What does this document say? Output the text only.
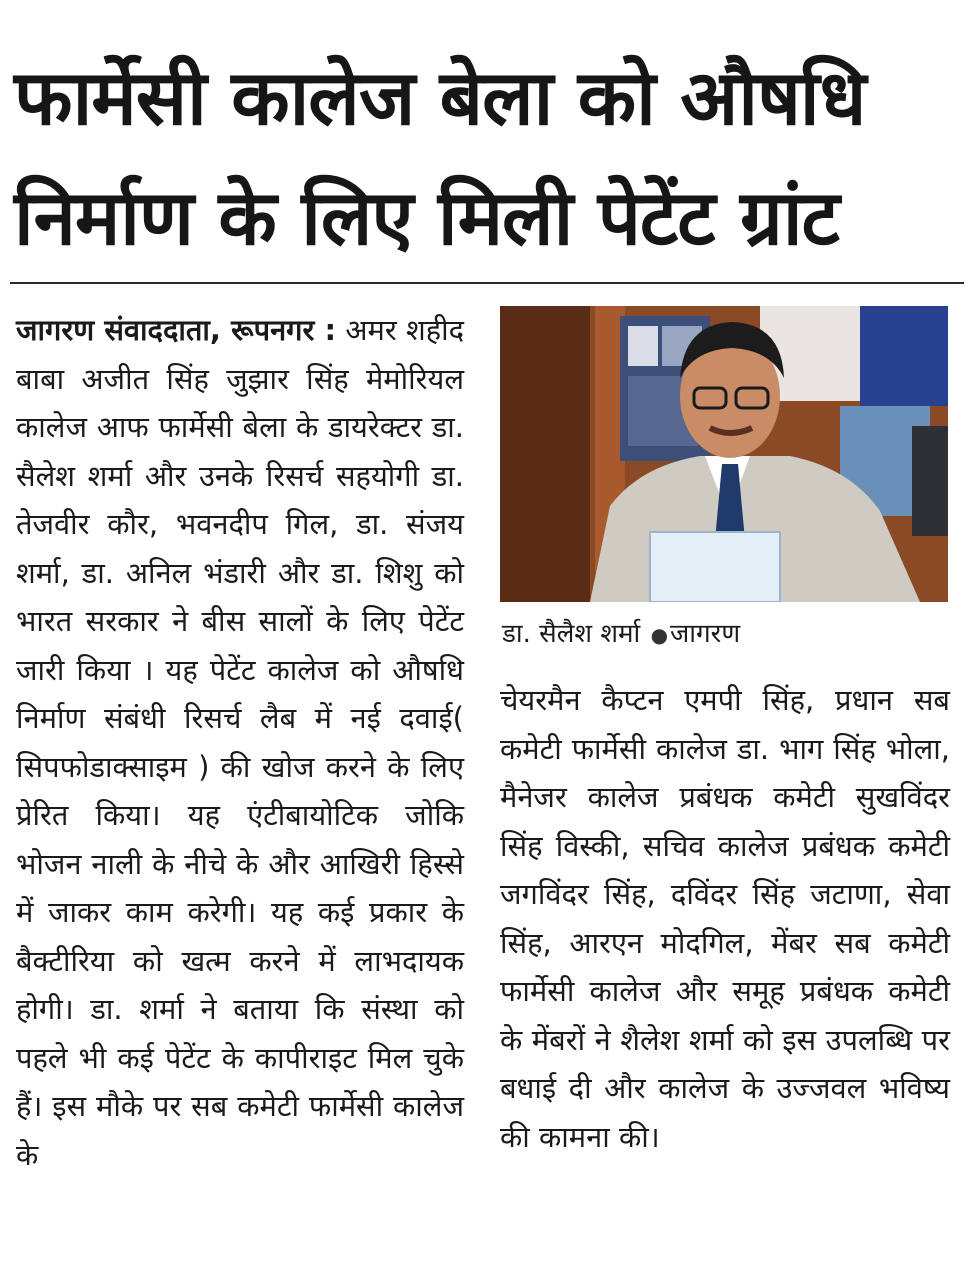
फार्मेसी कालेज बेला को औषधि
निर्माण के लिए मिली पेटेंट ग्रांट

जागरण संवाददाता, रूपनगर : अमर शहीद बाबा अजीत सिंह जुझार सिंह मेमोरियल कालेज आफ फार्मेसी बेला के डायरेक्टर डा. सैलेश शर्मा और उनके रिसर्च सहयोगी डा. तेजवीर कौर, भवनदीप गिल, डा. संजय शर्मा, डा. अनिल भंडारी और डा. शिशु को भारत सरकार ने बीस सालों के लिए पेटेंट जारी किया । यह पेटेंट कालेज को औषधि निर्माण संबंधी रिसर्च लैब में नई दवाई( सिपफोडाक्साइम ) की खोज करने के लिए प्रेरित किया। यह एंटीबायोटिक जोकि भोजन नाली के नीचे के और आखिरी हिस्से में जाकर काम करेगी। यह कई प्रकार के बैक्टीरिया को खत्म करने में लाभदायक होगी। डा. शर्मा ने बताया कि संस्था को पहले भी कई पेटेंट के कापीराइट मिल चुके हैं। इस मौके पर सब कमेटी फार्मेसी कालेज के

डा. सैलैश शर्मा ●जागरण

चेयरमैन कैप्टन एमपी सिंह, प्रधान सब कमेटी फार्मेसी कालेज डा. भाग सिंह भोला, मैनेजर कालेज प्रबंधक कमेटी सुखविंदर सिंह विस्की, सचिव कालेज प्रबंधक कमेटी जगविंदर सिंह, दविंदर सिंह जटाणा, सेवा सिंह, आरएन मोदगिल, मेंबर सब कमेटी फार्मेसी कालेज और समूह प्रबंधक कमेटी के मेंबरों ने शैलेश शर्मा को इस उपलब्धि पर बधाई दी और कालेज के उज्जवल भविष्य की कामना की।
